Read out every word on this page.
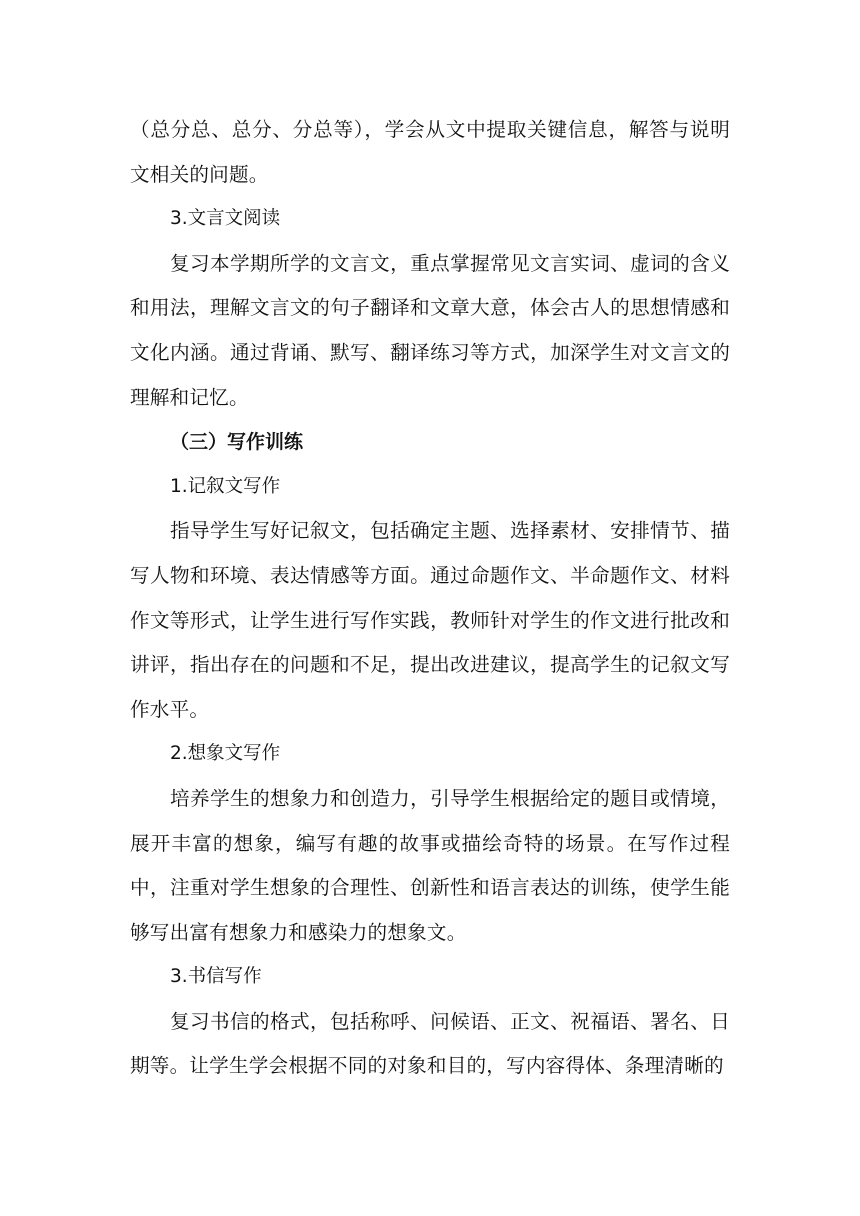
（总分总、总分、分总等），学会从文中提取关键信息，解答与说明文相关的问题。

3.文言文阅读

复习本学期所学的文言文，重点掌握常见文言实词、虚词的含义和用法，理解文言文的句子翻译和文章大意，体会古人的思想情感和文化内涵。通过背诵、默写、翻译练习等方式，加深学生对文言文的理解和记忆。

（三）写作训练

1.记叙文写作

指导学生写好记叙文，包括确定主题、选择素材、安排情节、描写人物和环境、表达情感等方面。通过命题作文、半命题作文、材料作文等形式，让学生进行写作实践，教师针对学生的作文进行批改和讲评，指出存在的问题和不足，提出改进建议，提高学生的记叙文写作水平。

2.想象文写作

培养学生的想象力和创造力，引导学生根据给定的题目或情境，展开丰富的想象，编写有趣的故事或描绘奇特的场景。在写作过程中，注重对学生想象的合理性、创新性和语言表达的训练，使学生能够写出富有想象力和感染力的想象文。

3.书信写作

复习书信的格式，包括称呼、问候语、正文、祝福语、署名、日期等。让学生学会根据不同的对象和目的，写内容得体、条理清晰的
